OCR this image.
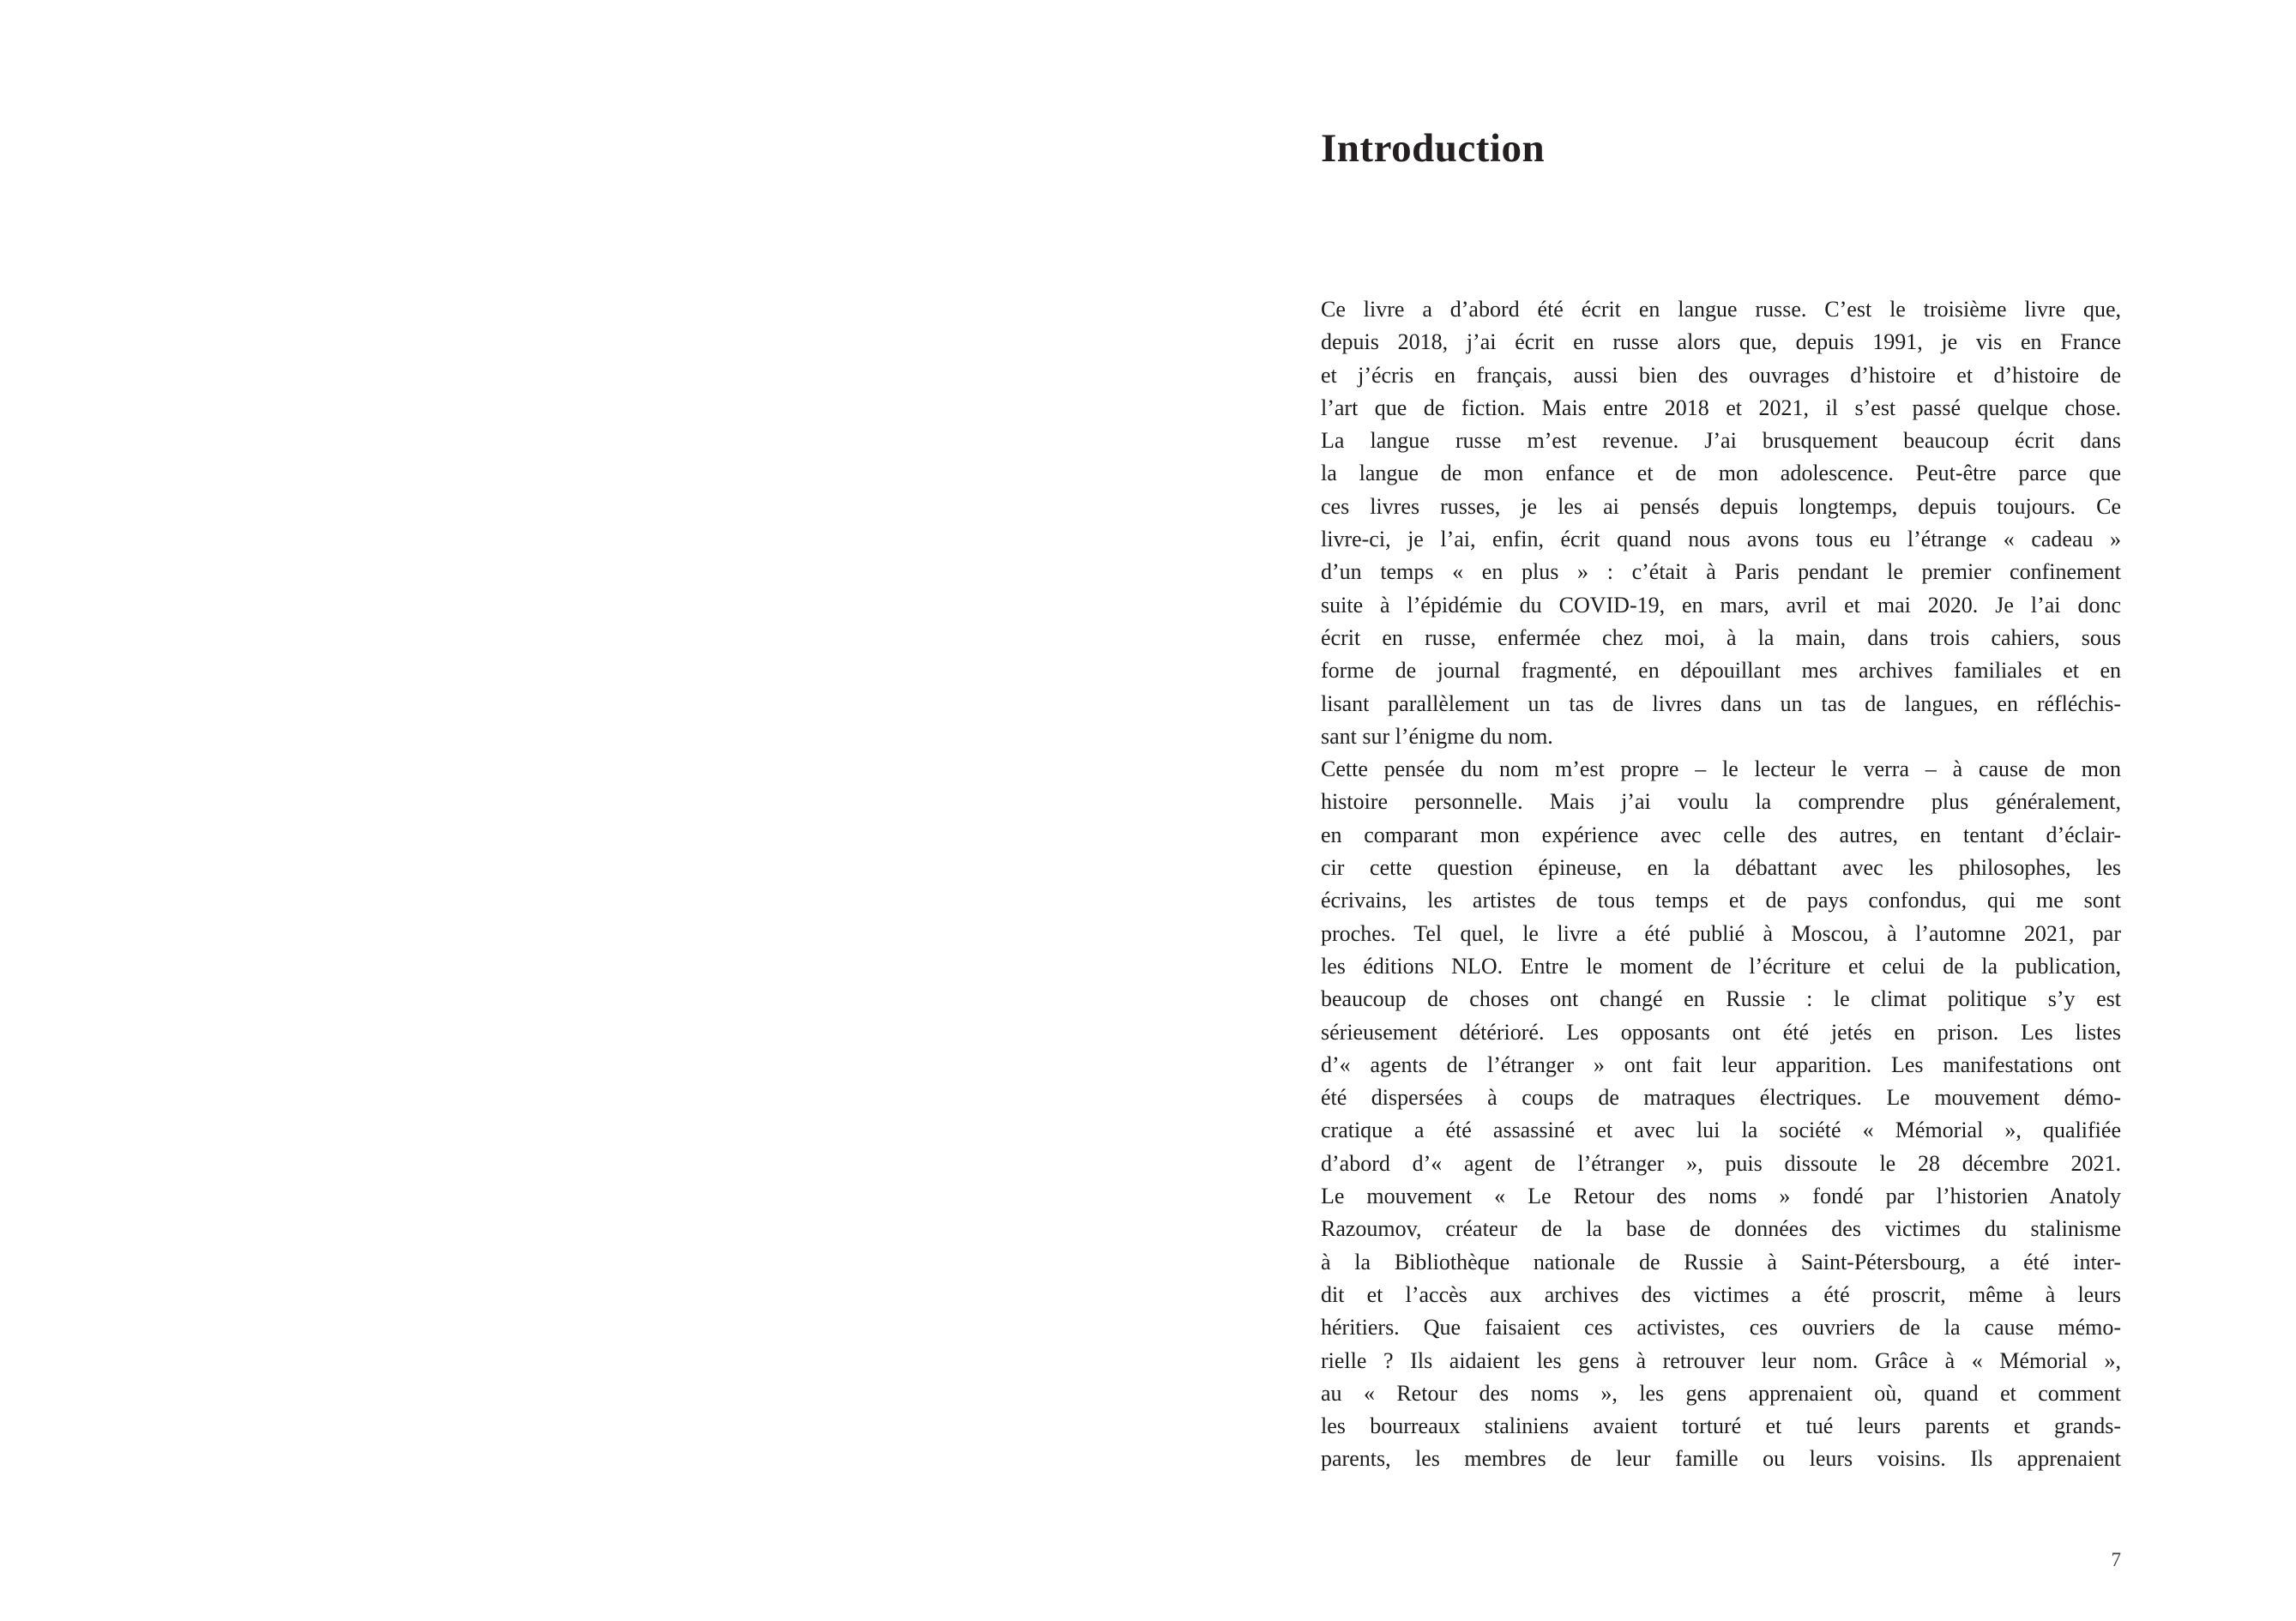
Introduction
Ce livre a d’abord été écrit en langue russe. C’est le troisième livre que,
depuis 2018, j’ai écrit en russe alors que, depuis 1991, je vis en France
et j’écris en français, aussi bien des ouvrages d’histoire et d’histoire de
l’art que de fiction. Mais entre 2018 et 2021, il s’est passé quelque chose.
La langue russe m’est revenue. J’ai brusquement beaucoup écrit dans
la langue de mon enfance et de mon adolescence. Peut-être parce que
ces livres russes, je les ai pensés depuis longtemps, depuis toujours. Ce
livre-ci, je l’ai, enfin, écrit quand nous avons tous eu l’étrange « cadeau »
d’un temps « en plus » : c’était à Paris pendant le premier confinement
suite à l’épidémie du COVID-19, en mars, avril et mai 2020. Je l’ai donc
écrit en russe, enfermée chez moi, à la main, dans trois cahiers, sous
forme de journal fragmenté, en dépouillant mes archives familiales et en
lisant parallèlement un tas de livres dans un tas de langues, en réfléchis-
sant sur l’énigme du nom.
Cette pensée du nom m’est propre – le lecteur le verra – à cause de mon
histoire personnelle. Mais j’ai voulu la comprendre plus généralement,
en comparant mon expérience avec celle des autres, en tentant d’éclair-
cir cette question épineuse, en la débattant avec les philosophes, les
écrivains, les artistes de tous temps et de pays confondus, qui me sont
proches. Tel quel, le livre a été publié à Moscou, à l’automne 2021, par
les éditions NLO. Entre le moment de l’écriture et celui de la publication,
beaucoup de choses ont changé en Russie : le climat politique s’y est
sérieusement détérioré. Les opposants ont été jetés en prison. Les listes
d’« agents de l’étranger » ont fait leur apparition. Les manifestations ont
été dispersées à coups de matraques électriques. Le mouvement démo-
cratique a été assassiné et avec lui la société « Mémorial », qualifiée
d’abord d’« agent de l’étranger », puis dissoute le 28 décembre 2021.
Le mouvement « Le Retour des noms » fondé par l’historien Anatoly
Razoumov, créateur de la base de données des victimes du stalinisme
à la Bibliothèque nationale de Russie à Saint-Pétersbourg, a été inter-
dit et l’accès aux archives des victimes a été proscrit, même à leurs
héritiers. Que faisaient ces activistes, ces ouvriers de la cause mémo-
rielle ? Ils aidaient les gens à retrouver leur nom. Grâce à « Mémorial »,
au « Retour des noms », les gens apprenaient où, quand et comment
les bourreaux staliniens avaient torturé et tué leurs parents et grands-
parents, les membres de leur famille ou leurs voisins. Ils apprenaient
7
